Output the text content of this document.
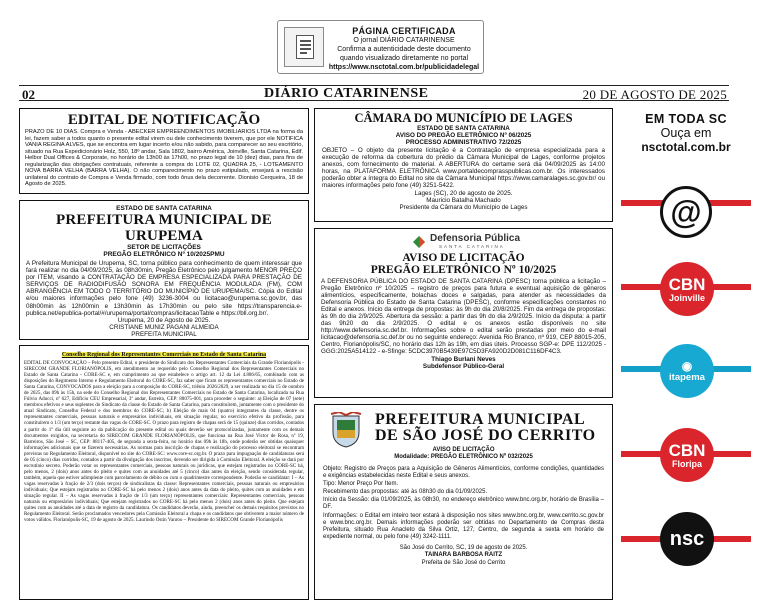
PÁGINA CERTIFICADA
O jornal DIÁRIO CATARINENSE
Confirma a autenticidade deste documento
quando visualizado diretamente no portal
https://www.nsctotal.com.br/publicidadelegal
02	DIÁRIO CATARINENSE	20 DE AGOSTO DE 2025
EDITAL DE NOTIFICAÇÃO

PRAZO DE 10 DIAS. Compra e Venda - ABECKER EMPREENDIMENTOS IMOBILIARIOS LTDA na forma da lei, fazem saber a todos quanto o presente edital virem ou dele conhecimento tiverem, que por ele NOTIFICA VANIA REGINA ALVES, que se encontra em lugar incerto e/ou não sabido, para comparecer ao seu escritório, situado na Rua Expedicionário Holz, 550, 18º andar, Sala 1802, bairro América, Joinville, Santa Catarina, Edif. Helbor Dual Offices & Corporate, no horário de 13h00 às 17h00, no prazo legal de 10 (dez) dias, para fins de regularização das obrigações contratuais, referente a compra do LOTE 02, QUADRA 25, - LOTEAMENTO NOVA BARRA VELHA (BARRA VELHA). O não comparecimento no prazo estipulado, ensejará a rescisão unilateral do contrato de Compra e Venda firmado, com todo ônus dela decorrente. Dionisio Cerqueira, 18 de Agosto de 2025.

ESTADO DE SANTA CATARINA
PREFEITURA MUNICIPAL DE URUPEMA
SETOR DE LICITAÇÕES
PREGÃO ELETRÔNICO Nº 10/2025PMU

A Prefeitura Municipal de Urupema, SC, torna público para conhecimento de quem interessar que fará realizar no dia 04/09/2025, às 08h30min, Pregão Eletrônico pelo julgamento MENOR PREÇO por ITEM, visando a CONTRATAÇÃO DE EMPRESA ESPECIALIZADA PARA PRESTAÇÃO DE SERVIÇOS DE RADIODIFUSÃO SONORA EM FREQUÊNCIA MODULADA (FM), COM ABRANGÊNCIA EM TODO O TERRITÓRIO DO MUNICÍPIO DE URUPEMA/SC. Cópia do Edital e/ou maiores informações pelo fone (49) 3236-3004 ou licitacao@urupema.sc.gov.br, das 08h00min às 12h00min e 13h30min às 17h30min ou pelo site https://transparencia.e-publica.net/epublica-portal/#/urupema/portal/compras/licitacaoTable e https://bll.org.br/.

Urupema, 20 de Agosto de 2025.
CRISTIANE MUNIZ PAGANI ALMEIDA
PREFEITA MUNICIPAL
Conselho Regional dos Representantes Comerciais no Estado de Santa Catarina

EDITAL DE CONVOCAÇÃO – Pelo presente Edital, o presidente do Sindicato dos Representantes Comerciais da Grande Florianópolis - SIRECOM GRANDE FLORIANÓPOLIS, em atendimento ao requerido pelo Conselho Regional dos Representantes Comerciais no Estado de Santa Catarina - CORE-SC e, em cumprimento ao que estabelece o artigo art. 12 da Lei 4.886/65, combinado com as disposições do Regimento Interno e Regulamento Eleitoral do CORE-SC, faz saber que ficam os representantes comerciais no Estado de Santa Catarina, CONVOCADOS para a eleição para a composição do CORE-SC, triênio 2026/2029, a ser realizada no dia 15 de outubro de 2025, das 09h às 15h, na sede do Conselho Regional dos Representantes Comerciais no Estado de Santa Catarina, localizada na Rua Fúlvio Aducci, nº 627, Edifício CEU Empresarial, 3º andar, Estreito, CEP: 88075-001, para proceder o seguinte: a) Eleição de 07 (sete) membros efetivos e seus suplentes do Sindicato da classe do Estado de Santa Catarina, para constituírem, juntamente com o presidente do atual Sindicato, Conselho Federal e dos membros do CORE-SC; b) Eleição de mais 04 (quatro) integrantes da classe, dentre os representantes comerciais, pessoas naturais e empresários individuais, em situação regular, no exercício efetivo da profissão, para constituírem o 1/3 (um terço) restante das vagas do CORE-SC. O prazo para registro de chapas será de 15 (quinze) dias corridos, contados a partir do 1º dia útil seguinte ao da publicação do presente edital ou quais deverão ser protocolizadas, juntamente com os demais documentos exigidos, na secretaria do SIRECOM GRANDE FLORIANÓPOLIS, que funciona na Rua José Victor de Rosa, nº 19, Barreiros, São José – SC, CEP: 88117-405, de segunda a sexta-feira, no horário das 09h às 18h, onde poderão ser obtidas quaisquer informações adicionais que se fizerem necessárias. As normas para inscrição de chapas e realização do processo eleitoral se encontram previstas no Regulamento Eleitoral, disponível no site do CORE-SC: www.core-sc.org.br. O prazo para impugnação de candidaturas será de 05 (cinco) dias corridos, contados a partir da divulgação dos inscritos, devendo ser dirigida à Comissão Eleitoral. A eleição se dará por escrutínio secreto. Poderão votar os representantes comerciais, pessoas naturais ou jurídicas, que estejam registrados no CORE-SC há, pelo menos, 2 (dois) anos antes do pleito e quites com as anuidades até 5 (cinco) dias antes da eleição, sendo considerada regular, também, aquela que estiver adimplente com parcelamento de débito ou com o quadrimestre correspondente. Poderão se candidatar: I – As vagas reservadas à fração de 2/3 (dois terços) de sindicalistas da classe: Representantes comerciais, pessoas naturais ou empresários individuais; Que estejam registrados no CORE-SC há pelo menos 2 (dois) anos antes da data do pleito, quites com as anuidades e em situação regular. II – As vagas reservadas à fração de 1/3 (um terço) representantes comerciais: Representantes comerciais, pessoas naturais ou empresários individuais; Que estejam registrados no CORE-SC há pelo menos 2 (dois) anos antes do pleito. Que estejam quites com as anuidades até a data de registro da candidatura. Os candidatos deverão, ainda, preencher os demais requisitos previstos no Regulamento Eleitoral. Serão proclamados vencedores pela Comissão Eleitoral a chapa e os candidatos que obtiverem a maior número de votos válidos. Florianópolis-SC, 19 de agosto de 2025. Laurindo Ostin Vanroo – Presidente do SIRECOM Grande Florianópolis

CÂMARA DO MUNICÍPIO DE LAGES
ESTADO DE SANTA CATARINA
AVISO DO PREGÃO ELETRÔNICO Nº 06/2025
PROCESSO ADMINISTRATIVO 72/2025

OBJETO – O objeto da presente licitação é a Contratação de empresa especializada para a execução de reforma da cobertura do prédio da Câmara Municipal de Lages, conforme projetos anexos, com fornecimento de material. A ABERTURA do certame será dia 04/09/2025 às 14:00 horas, na PLATAFORMA ELETRÔNICA www.portaldecomprasspublicas.com.br. Os interessados poderão obter a íntegra do Edital no site da Câmara Municipal https://www.camaralages.sc.gov.br/ ou maiores informações pelo fone (49) 3251-5422.

Lages (SC), 20 de agosto de 2025.
Mauricio Batalha Machado
Presidente da Câmara do Município de Lages
Defensoria Pública
SANTA CATARINA
AVISO DE LICITAÇÃO
PREGÃO ELETRÔNICO Nº 10/2025

A DEFENSORIA PÚBLICA DO ESTADO DE SANTA CATARINA (DPESC) torna pública a licitação – Pregão Eletrônico nº 10/2025 – registro de preços para futura e eventual aquisição de gêneros alimentícios, especificamente, bolachas doces e salgadas, para atender as necessidades da Defensoria Pública do Estado de Santa Catarina (DPESC), conforme especificações constantes no Edital e anexos. Início da entrega de propostas: às 9h do dia 20/8/2025. Fim da entrega de propostas: às 9h do dia 2/9/2025. Abertura da sessão: a partir das 9h do dia 2/9/2025. Início da disputa: a partir das 9h20 do dia 2/9/2025. O edital e os anexos estão disponíveis no site http://www.defensoria.sc.def.br. Informações sobre o edital serão prestadas por meio do e-mail licitacao@defensoria.sc.def.br ou no seguinte endereço: Avenida Rio Branco, nº 919, CEP 88015-205, Centro, Florianópolis/SC, no horário das 12h às 19h, em dias úteis. Processo SGP-e: DPE 112/2025 - GGG:2025A514122 - e-Sfinge: 5CDC3970B5439E97C5D3FA920D2D081C116DF4C3.

Thiago Burlani Neves
Subdefensor Público-Geral
PREFEITURA MUNICIPAL
DE SÃO JOSÉ DO CERRITO
AVISO DE LICITAÇÃO
Modalidade: PREGÃO ELETRÔNICO Nº 032/2025

Objeto: Registro de Preços para a Aquisição de Gêneros Alimentícios, conforme condições, quantidades e exigências estabelecidas neste Edital e seus anexos.

Tipo: Menor Preço Por Item.

Recebimento das propostas: até às 08h30 do dia 01/09/2025.

Início da Sessão: dia 01/09/2025, às 08h30, no endereço eletrônico www.bnc.org.br, horário de Brasília – DF.

Informações: o Edital em inteiro teor estará à disposição nos sites www.bnc.org.br, www.cerrito.sc.gov.br e www.bnc.org.br. Demais informações poderão ser obtidas no Departamento de Compras desta Prefeitura, situado Rua Anacleto da Silva Ortiz, 127, Centro, de segunda a sexta em horário de expediente normal, ou pelo fone (49) 3242-1111.

São José do Cerrito, SC, 19 de agosto de 2025.
TAINARA BARBOSA RAITZ
Prefeita de São José do Cerrito
EM TODA SC
Ouça em
nsctotal.com.br
@
CBN
Joinville
◉
itapema
CBN
Floripa
nsc
